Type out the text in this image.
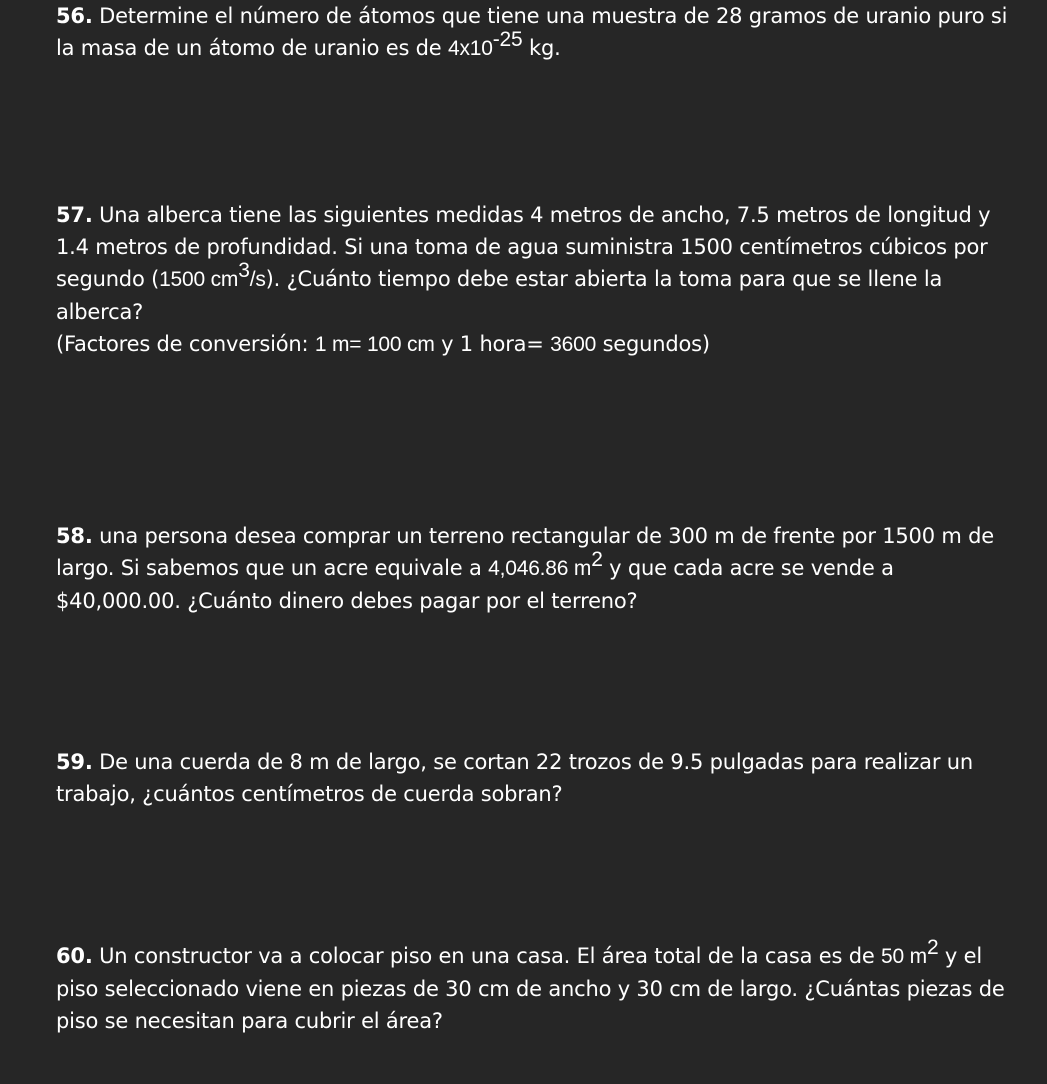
56. Determine el número de átomos que tiene una muestra de 28 gramos de uranio puro si
la masa de un átomo de uranio es de $4x10^{-25}$ kg.
57. Una alberca tiene las siguientes medidas 4 metros de ancho, 7.5 metros de longitud y
1.4 metros de profundidad. Si una toma de agua suministra 1500 centímetros cúbicos por
segundo (1500 $cm^3/s$). ¿Cuánto tiempo debe estar abierta la toma para que se llene la
alberca?
(Factores de conversión: 1 m= 100 cm y 1 hora= 3600 segundos)
58. una persona desea comprar un terreno rectangular de 300 m de frente por 1500 m de
largo. Si sabemos que un acre equivale a 4,046.86 $m^2$ y que cada acre se vende a
$40,000.00. ¿Cuánto dinero debes pagar por el terreno?
59. De una cuerda de 8 m de largo, se cortan 22 trozos de 9.5 pulgadas para realizar un
trabajo, ¿cuántos centímetros de cuerda sobran?
60. Un constructor va a colocar piso en una casa. El área total de la casa es de 50 $m^2$ y el
piso seleccionado viene en piezas de 30 cm de ancho y 30 cm de largo. ¿Cuántas piezas de
piso se necesitan para cubrir el área?
